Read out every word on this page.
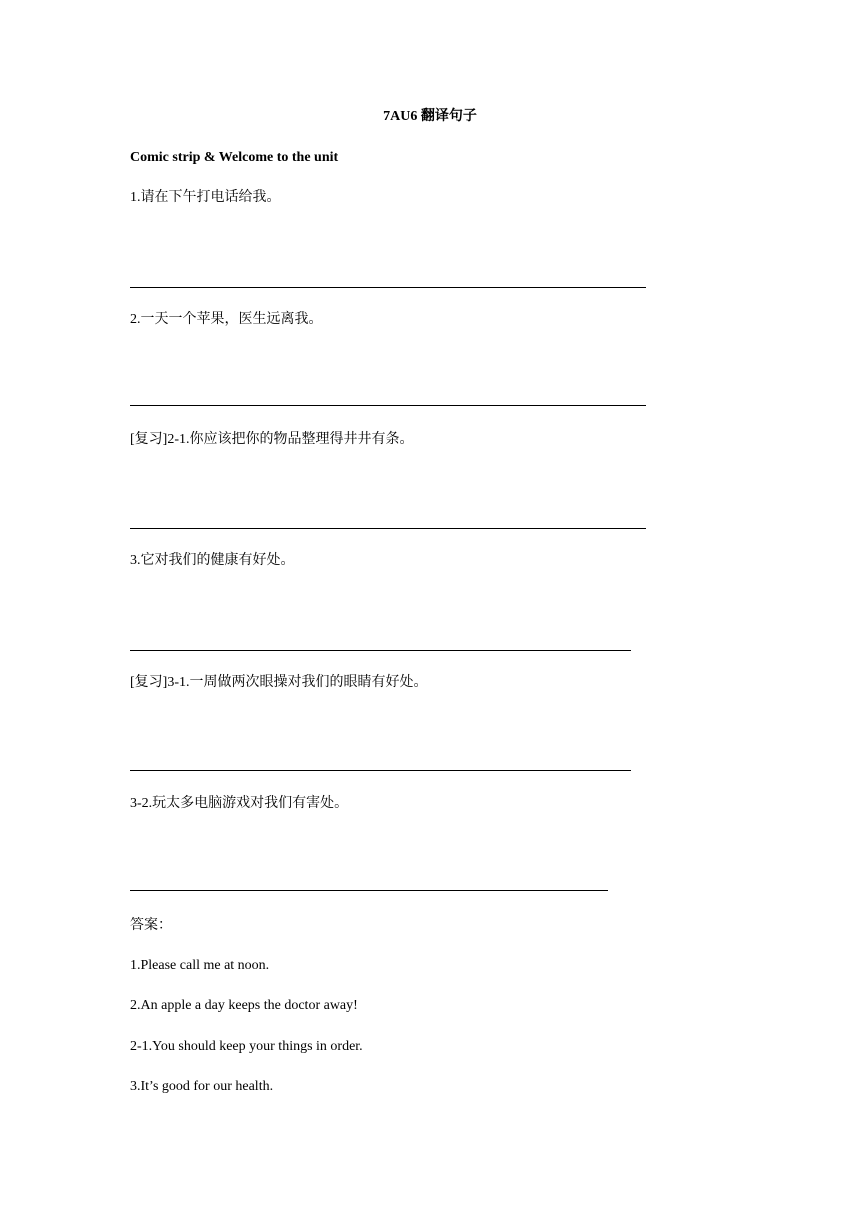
7AU6 翻译句子
Comic strip & Welcome to the unit
1.请在下午打电话给我。
2.一天一个苹果，医生远离我。
[复习]2-1.你应该把你的物品整理得井井有条。
3.它对我们的健康有好处。
[复习]3-1.一周做两次眼操对我们的眼睛有好处。
3-2.玩太多电脑游戏对我们有害处。
答案：
1.Please call me at noon.
2.An apple a day keeps the doctor away!
2-1.You should keep your things in order.
3.It’s good for our health.
